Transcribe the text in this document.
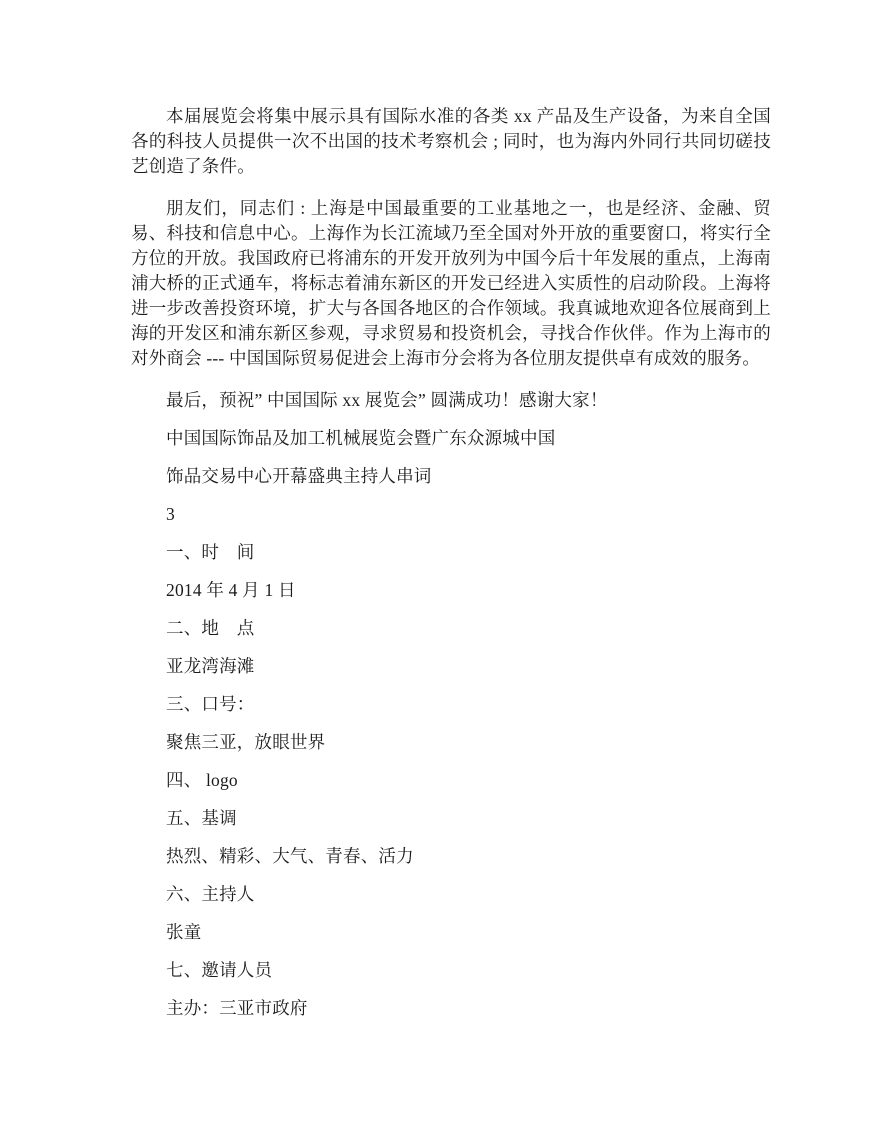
本届展览会将集中展示具有国际水准的各类 xx 产品及生产设备，为来自全国各的科技人员提供一次不出国的技术考察机会 ; 同时，也为海内外同行共同切磋技艺创造了条件。

朋友们，同志们 : 上海是中国最重要的工业基地之一，也是经济、金融、贸易、科技和信息中心。上海作为长江流域乃至全国对外开放的重要窗口，将实行全方位的开放。我国政府已将浦东的开发开放列为中国今后十年发展的重点，上海南浦大桥的正式通车，将标志着浦东新区的开发已经进入实质性的启动阶段。上海将进一步改善投资环境，扩大与各国各地区的合作领域。我真诚地欢迎各位展商到上海的开发区和浦东新区参观，寻求贸易和投资机会，寻找合作伙伴。作为上海市的对外商会 --- 中国国际贸易促进会上海市分会将为各位朋友提供卓有成效的服务。

最后，预祝” 中国国际 xx 展览会” 圆满成功！感谢大家！

中国国际饰品及加工机械展览会暨广东众源城中国

饰品交易中心开幕盛典主持人串词

3

一、时　间

2014 年 4 月 1 日

二、地　点

亚龙湾海滩

三、口号：

聚焦三亚，放眼世界

四、 logo

五、基调

热烈、精彩、大气、青春、活力

六、主持人

张童

七、邀请人员

主办：三亚市政府
